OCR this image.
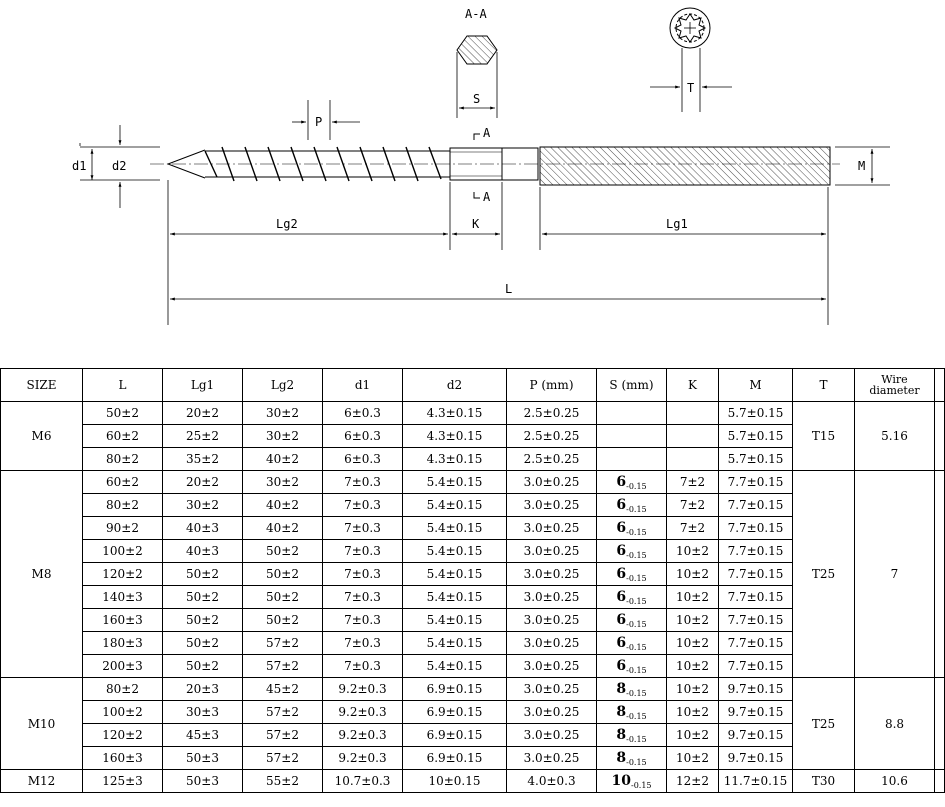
A-A
S
T
P
A
A
d1 d2	M
Lg2	K	Lg1
L
SIZE	L	Lg1	Lg2	d1	d2	P (mm)	S (mm)	K	M	T	Wire
diameter	

M6	50±2	20±2	30±2	6±0.3	4.3±0.15	2.5±0.25			5.7±0.15	T15	5.16	
	60±2	25±2	30±2	6±0.3	4.3±0.15	2.5±0.25			5.7±0.15			
	80±2	35±2	40±2	6±0.3	4.3±0.15	2.5±0.25			5.7±0.15			
M8	60±2	20±2	30±2	7±0.3	5.4±0.15	3.0±0.25	$6_{-0.15}$	7±2	7.7±0.15	T25	7	
	80±2	30±2	40±2	7±0.3	5.4±0.15	3.0±0.25	$6_{-0.15}$	7±2	7.7±0.15			
	90±2	40±3	40±2	7±0.3	5.4±0.15	3.0±0.25	$6_{-0.15}$	7±2	7.7±0.15			
	100±2	40±3	50±2	7±0.3	5.4±0.15	3.0±0.25	$6_{-0.15}$	10±2	7.7±0.15			
	120±2	50±2	50±2	7±0.3	5.4±0.15	3.0±0.25	$6_{-0.15}$	10±2	7.7±0.15			
	140±3	50±2	50±2	7±0.3	5.4±0.15	3.0±0.25	$6_{-0.15}$	10±2	7.7±0.15			
	160±3	50±2	50±2	7±0.3	5.4±0.15	3.0±0.25	$6_{-0.15}$	10±2	7.7±0.15			
	180±3	50±2	57±2	7±0.3	5.4±0.15	3.0±0.25	$6_{-0.15}$	10±2	7.7±0.15			
	200±3	50±2	57±2	7±0.3	5.4±0.15	3.0±0.25	$6_{-0.15}$	10±2	7.7±0.15			
M10	80±2	20±3	45±2	9.2±0.3	6.9±0.15	3.0±0.25	$8_{-0.15}$	10±2	9.7±0.15	T25	8.8	
	100±2	30±3	57±2	9.2±0.3	6.9±0.15	3.0±0.25	$8_{-0.15}$	10±2	9.7±0.15			
	120±2	45±3	57±2	9.2±0.3	6.9±0.15	3.0±0.25	$8_{-0.15}$	10±2	9.7±0.15			
	160±3	50±3	57±2	9.2±0.3	6.9±0.15	3.0±0.25	$8_{-0.15}$	10±2	9.7±0.15			
M12	125±3	50±3	55±2	10.7±0.3	10±0.15	4.0±0.3	$10_{-0.15}$	12±2	11.7±0.15	T30	10.6	
